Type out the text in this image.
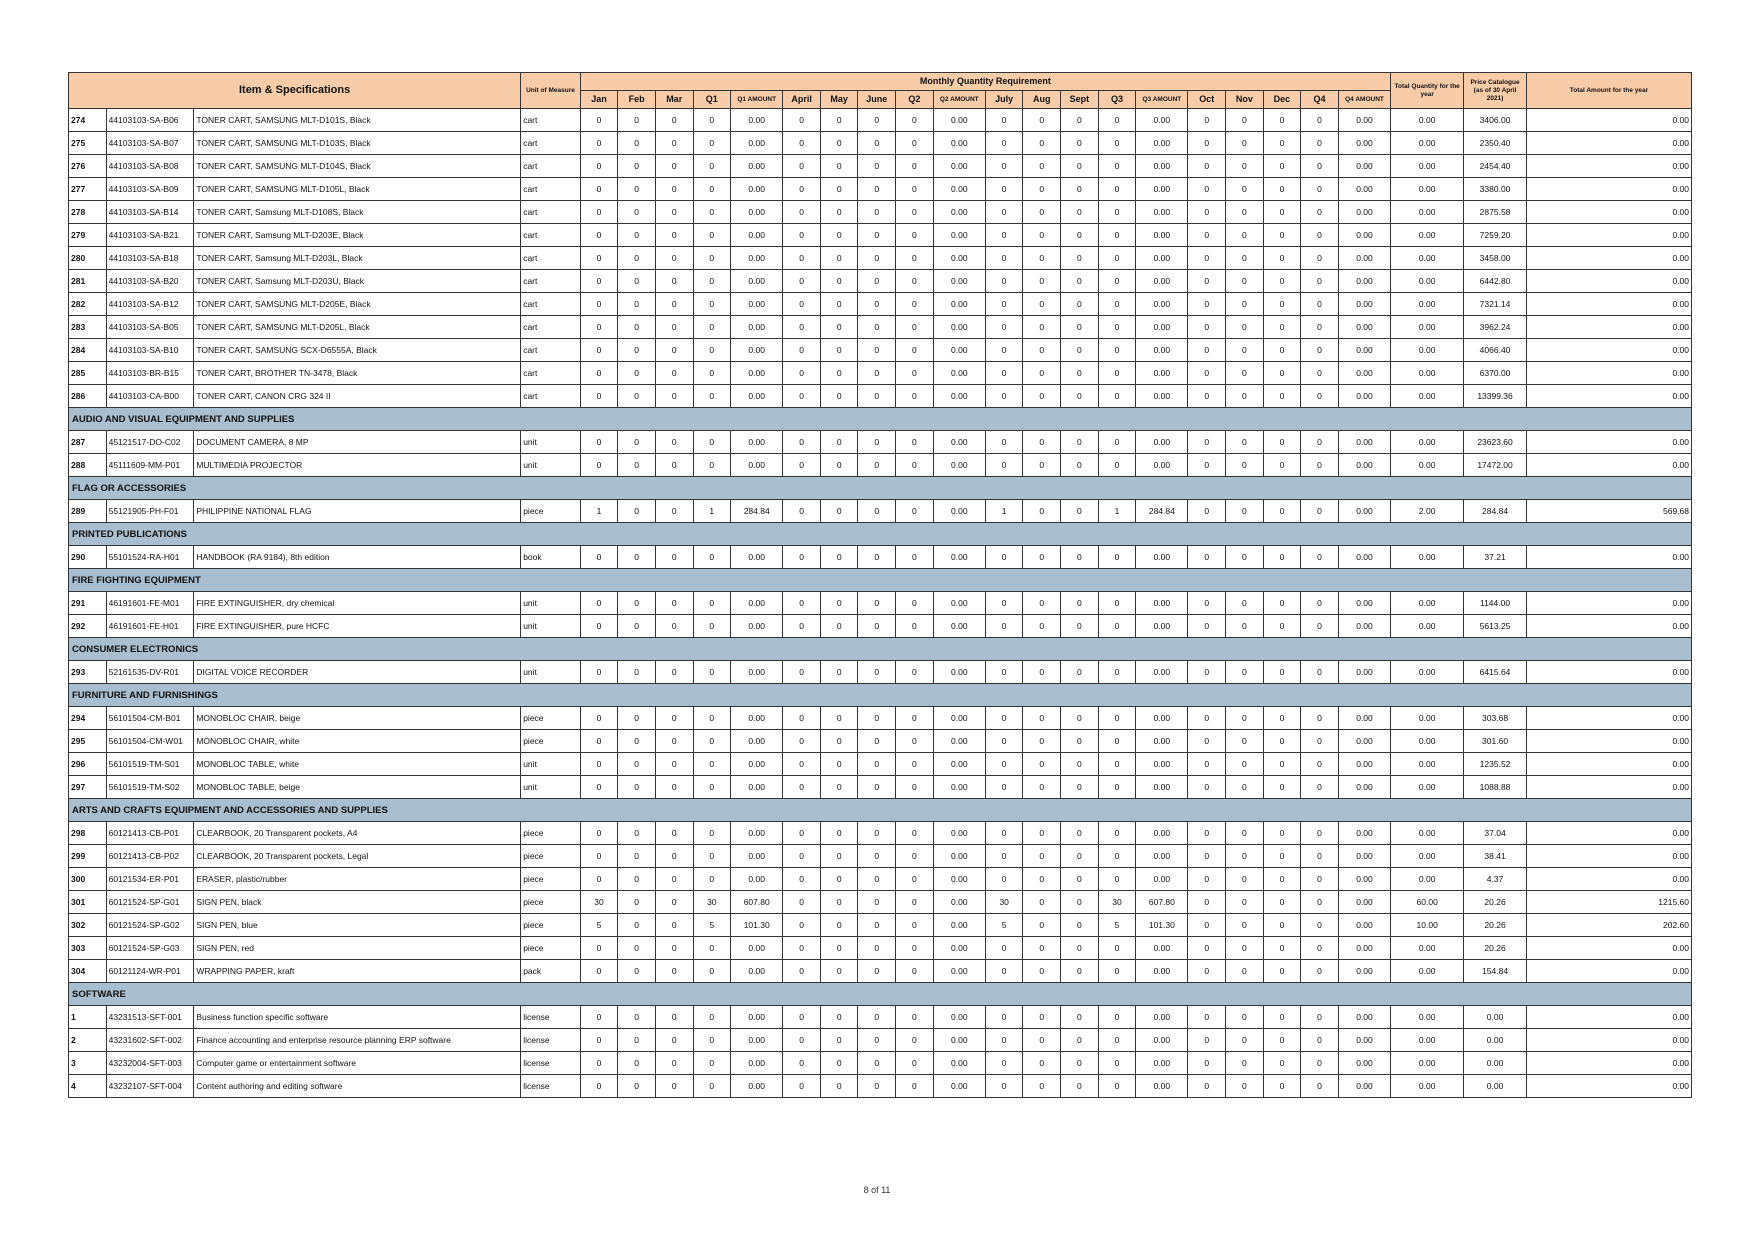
Item & Specifications			Unit of Measure	Monthly Quantity Requirement																				Total Quantity for the year	Price Catalogue (as of 30 April 2021)	Total Amount for the year
				Jan	Feb	Mar	Q1	Q1 AMOUNT	April	May	June	Q2	Q2 AMOUNT	July	Aug	Sept	Q3	Q3 AMOUNT	Oct	Nov	Dec	Q4	Q4 AMOUNT			
274	44103103-SA-B06	TONER CART, SAMSUNG MLT-D101S, Black	cart	0	0	0	0	0.00	0	0	0	0	0.00	0	0	0	0	0.00	0	0	0	0	0.00	0.00	3406.00	0.00
275	44103103-SA-B07	TONER CART, SAMSUNG MLT-D103S, Black	cart	0	0	0	0	0.00	0	0	0	0	0.00	0	0	0	0	0.00	0	0	0	0	0.00	0.00	2350.40	0.00
276	44103103-SA-B08	TONER CART, SAMSUNG MLT-D104S, Black	cart	0	0	0	0	0.00	0	0	0	0	0.00	0	0	0	0	0.00	0	0	0	0	0.00	0.00	2454.40	0.00
277	44103103-SA-B09	TONER CART, SAMSUNG MLT-D105L, Black	cart	0	0	0	0	0.00	0	0	0	0	0.00	0	0	0	0	0.00	0	0	0	0	0.00	0.00	3380.00	0.00
278	44103103-SA-B14	TONER CART, Samsung MLT-D108S, Black	cart	0	0	0	0	0.00	0	0	0	0	0.00	0	0	0	0	0.00	0	0	0	0	0.00	0.00	2875.58	0.00
279	44103103-SA-B21	TONER CART, Samsung MLT-D203E, Black	cart	0	0	0	0	0.00	0	0	0	0	0.00	0	0	0	0	0.00	0	0	0	0	0.00	0.00	7259.20	0.00
280	44103103-SA-B18	TONER CART, Samsung MLT-D203L, Black	cart	0	0	0	0	0.00	0	0	0	0	0.00	0	0	0	0	0.00	0	0	0	0	0.00	0.00	3458.00	0.00
281	44103103-SA-B20	TONER CART, Samsung MLT-D203U, Black	cart	0	0	0	0	0.00	0	0	0	0	0.00	0	0	0	0	0.00	0	0	0	0	0.00	0.00	6442.80	0.00
282	44103103-SA-B12	TONER CART, SAMSUNG MLT-D205E, Black	cart	0	0	0	0	0.00	0	0	0	0	0.00	0	0	0	0	0.00	0	0	0	0	0.00	0.00	7321.14	0.00
283	44103103-SA-B05	TONER CART, SAMSUNG MLT-D205L, Black	cart	0	0	0	0	0.00	0	0	0	0	0.00	0	0	0	0	0.00	0	0	0	0	0.00	0.00	3962.24	0.00
284	44103103-SA-B10	TONER CART, SAMSUNG SCX-D6555A, Black	cart	0	0	0	0	0.00	0	0	0	0	0.00	0	0	0	0	0.00	0	0	0	0	0.00	0.00	4066.40	0.00
285	44103103-BR-B15	TONER CART, BROTHER TN-3478, Black	cart	0	0	0	0	0.00	0	0	0	0	0.00	0	0	0	0	0.00	0	0	0	0	0.00	0.00	6370.00	0.00
286	44103103-CA-B00	TONER CART, CANON CRG 324 II	cart	0	0	0	0	0.00	0	0	0	0	0.00	0	0	0	0	0.00	0	0	0	0	0.00	0.00	13399.36	0.00
AUDIO AND VISUAL EQUIPMENT AND SUPPLIES																										
287	45121517-DO-C02	DOCUMENT CAMERA, 8 MP	unit	0	0	0	0	0.00	0	0	0	0	0.00	0	0	0	0	0.00	0	0	0	0	0.00	0.00	23623.60	0.00
288	45111609-MM-P01	MULTIMEDIA PROJECTOR	unit	0	0	0	0	0.00	0	0	0	0	0.00	0	0	0	0	0.00	0	0	0	0	0.00	0.00	17472.00	0.00
FLAG OR ACCESSORIES																										
289	55121905-PH-F01	PHILIPPINE NATIONAL FLAG	piece	1	0	0	1	284.84	0	0	0	0	0.00	1	0	0	1	284.84	0	0	0	0	0.00	2.00	284.84	569.68
PRINTED PUBLICATIONS																										
290	55101524-RA-H01	HANDBOOK (RA 9184), 8th edition	book	0	0	0	0	0.00	0	0	0	0	0.00	0	0	0	0	0.00	0	0	0	0	0.00	0.00	37.21	0.00
FIRE FIGHTING EQUIPMENT																										
291	46191601-FE-M01	FIRE EXTINGUISHER, dry chemical	unit	0	0	0	0	0.00	0	0	0	0	0.00	0	0	0	0	0.00	0	0	0	0	0.00	0.00	1144.00	0.00
292	46191601-FE-H01	FIRE EXTINGUISHER, pure HCFC	unit	0	0	0	0	0.00	0	0	0	0	0.00	0	0	0	0	0.00	0	0	0	0	0.00	0.00	5613.25	0.00
CONSUMER ELECTRONICS																										
293	52161535-DV-R01	DIGITAL VOICE RECORDER	unit	0	0	0	0	0.00	0	0	0	0	0.00	0	0	0	0	0.00	0	0	0	0	0.00	0.00	6415.64	0.00
FURNITURE AND FURNISHINGS																										
294	56101504-CM-B01	MONOBLOC CHAIR, beige	piece	0	0	0	0	0.00	0	0	0	0	0.00	0	0	0	0	0.00	0	0	0	0	0.00	0.00	303.68	0.00
295	56101504-CM-W01	MONOBLOC CHAIR, white	piece	0	0	0	0	0.00	0	0	0	0	0.00	0	0	0	0	0.00	0	0	0	0	0.00	0.00	301.60	0.00
296	56101519-TM-S01	MONOBLOC TABLE, white	unit	0	0	0	0	0.00	0	0	0	0	0.00	0	0	0	0	0.00	0	0	0	0	0.00	0.00	1235.52	0.00
297	56101519-TM-S02	MONOBLOC TABLE, beige	unit	0	0	0	0	0.00	0	0	0	0	0.00	0	0	0	0	0.00	0	0	0	0	0.00	0.00	1088.88	0.00
ARTS AND CRAFTS EQUIPMENT AND ACCESSORIES AND SUPPLIES																										
298	60121413-CB-P01	CLEARBOOK, 20 Transparent pockets, A4	piece	0	0	0	0	0.00	0	0	0	0	0.00	0	0	0	0	0.00	0	0	0	0	0.00	0.00	37.04	0.00
299	60121413-CB-P02	CLEARBOOK, 20 Transparent pockets, Legal	piece	0	0	0	0	0.00	0	0	0	0	0.00	0	0	0	0	0.00	0	0	0	0	0.00	0.00	38.41	0.00
300	60121534-ER-P01	ERASER, plastic/rubber	piece	0	0	0	0	0.00	0	0	0	0	0.00	0	0	0	0	0.00	0	0	0	0	0.00	0.00	4.37	0.00
301	60121524-SP-G01	SIGN PEN, black	piece	30	0	0	30	607.80	0	0	0	0	0.00	30	0	0	30	607.80	0	0	0	0	0.00	60.00	20.26	1215.60
302	60121524-SP-G02	SIGN PEN, blue	piece	5	0	0	5	101.30	0	0	0	0	0.00	5	0	0	5	101.30	0	0	0	0	0.00	10.00	20.26	202.60
303	60121524-SP-G03	SIGN PEN, red	piece	0	0	0	0	0.00	0	0	0	0	0.00	0	0	0	0	0.00	0	0	0	0	0.00	0.00	20.26	0.00
304	60121124-WR-P01	WRAPPING PAPER, kraft	pack	0	0	0	0	0.00	0	0	0	0	0.00	0	0	0	0	0.00	0	0	0	0	0.00	0.00	154.84	0.00
SOFTWARE																										
1	43231513-SFT-001	Business function specific software	license	0	0	0	0	0.00	0	0	0	0	0.00	0	0	0	0	0.00	0	0	0	0	0.00	0.00	0.00	0.00
2	43231602-SFT-002	Finance accounting and enterprise resource planning ERP software	license	0	0	0	0	0.00	0	0	0	0	0.00	0	0	0	0	0.00	0	0	0	0	0.00	0.00	0.00	0.00
3	43232004-SFT-003	Computer game or entertainment software	license	0	0	0	0	0.00	0	0	0	0	0.00	0	0	0	0	0.00	0	0	0	0	0.00	0.00	0.00	0.00
4	43232107-SFT-004	Content authoring and editing software	license	0	0	0	0	0.00	0	0	0	0	0.00	0	0	0	0	0.00	0	0	0	0	0.00	0.00	0.00	0.00
8 of 11
